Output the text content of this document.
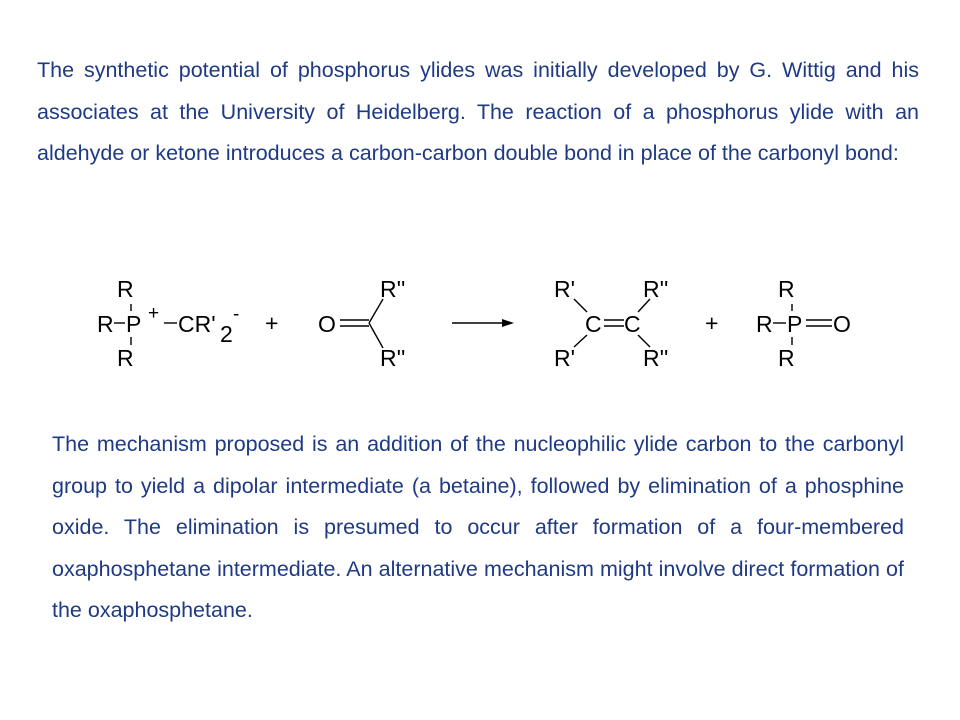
The synthetic potential of phosphorus ylides was initially developed by G. Wittig and his associates at the University of Heidelberg. The reaction of a phosphorus ylide with an aldehyde or ketone introduces a carbon-carbon double bond in place of the carbonyl bond:

R
R P + CR' 2
-
R
+ O
R''
R''
R'	R''
C C
R'	R''
+
R
R P O
R

The mechanism proposed is an addition of the nucleophilic ylide carbon to the carbonyl group to yield a dipolar intermediate (a betaine), followed by elimination of a phosphine oxide. The elimination is presumed to occur after formation of a four-membered oxaphosphetane intermediate. An alternative mechanism might involve direct formation of the oxaphosphetane.
